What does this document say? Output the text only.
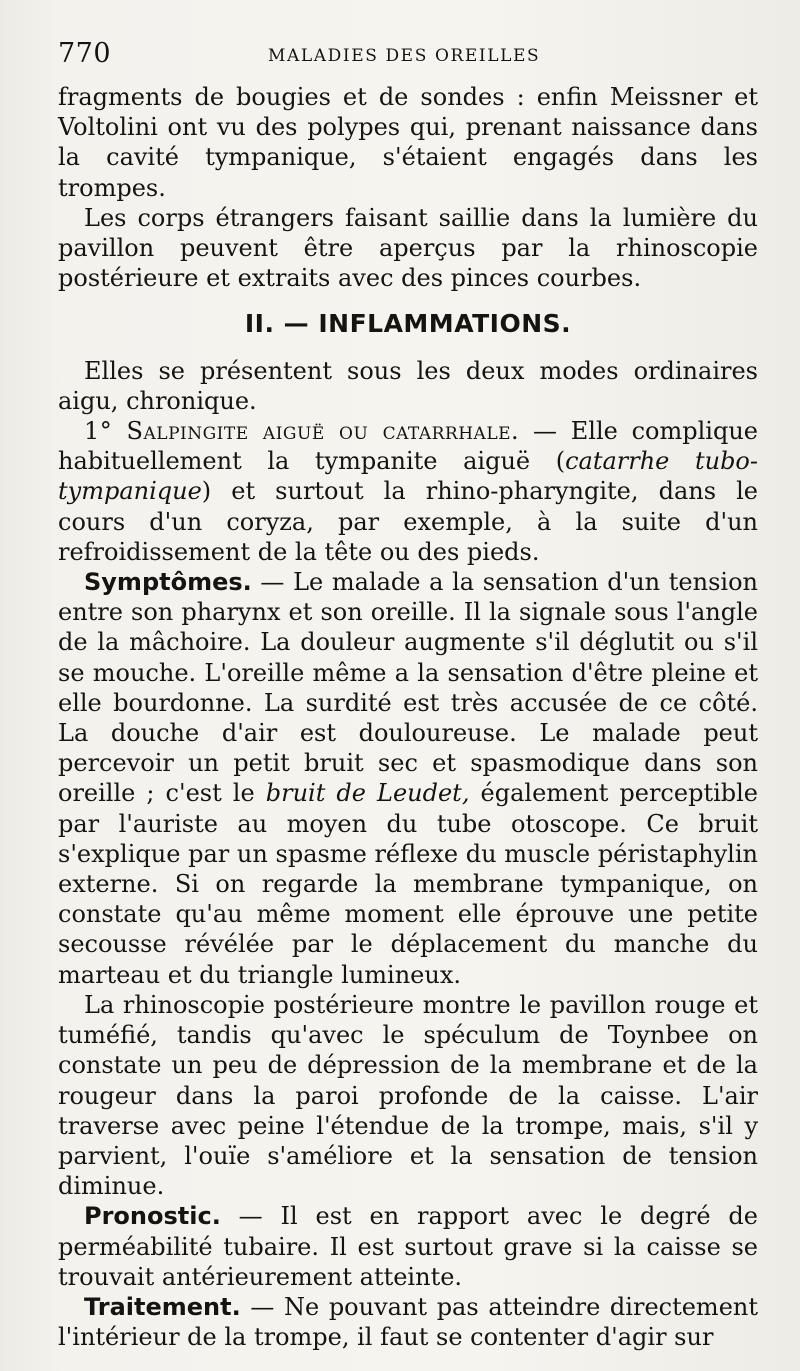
770	MALADIES DES OREILLES

fragments de bougies et de sondes : enfin Meissner et Voltolini ont vu des polypes qui, prenant naissance dans la cavité tympanique, s'étaient engagés dans les trompes.

Les corps étrangers faisant saillie dans la lumière du pavillon peuvent être aperçus par la rhinoscopie postérieure et extraits avec des pinces courbes.

II. — INFLAMMATIONS.

Elles se présentent sous les deux modes ordinaires aigu, chronique.

1° Salpingite aiguë ou catarrhale. — Elle complique habituellement la tympanite aiguë (catarrhe tubo-tympanique) et surtout la rhino-pharyngite, dans le cours d'un coryza, par exemple, à la suite d'un refroidissement de la tête ou des pieds.

Symptômes. — Le malade a la sensation d'un tension entre son pharynx et son oreille. Il la signale sous l'angle de la mâchoire. La douleur augmente s'il déglutit ou s'il se mouche. L'oreille même a la sensation d'être pleine et elle bourdonne. La surdité est très accusée de ce côté. La douche d'air est douloureuse. Le malade peut percevoir un petit bruit sec et spasmodique dans son oreille ; c'est le bruit de Leudet, également perceptible par l'auriste au moyen du tube otoscope. Ce bruit s'explique par un spasme réflexe du muscle péristaphylin externe. Si on regarde la membrane tympanique, on constate qu'au même moment elle éprouve une petite secousse révélée par le déplacement du manche du marteau et du triangle lumineux.

La rhinoscopie postérieure montre le pavillon rouge et tuméfié, tandis qu'avec le spéculum de Toynbee on constate un peu de dépression de la membrane et de la rougeur dans la paroi profonde de la caisse. L'air traverse avec peine l'étendue de la trompe, mais, s'il y parvient, l'ouïe s'améliore et la sensation de tension diminue.

Pronostic. — Il est en rapport avec le degré de perméabilité tubaire. Il est surtout grave si la caisse se trouvait antérieurement atteinte.

Traitement. — Ne pouvant pas atteindre directement l'intérieur de la trompe, il faut se contenter d'agir sur
